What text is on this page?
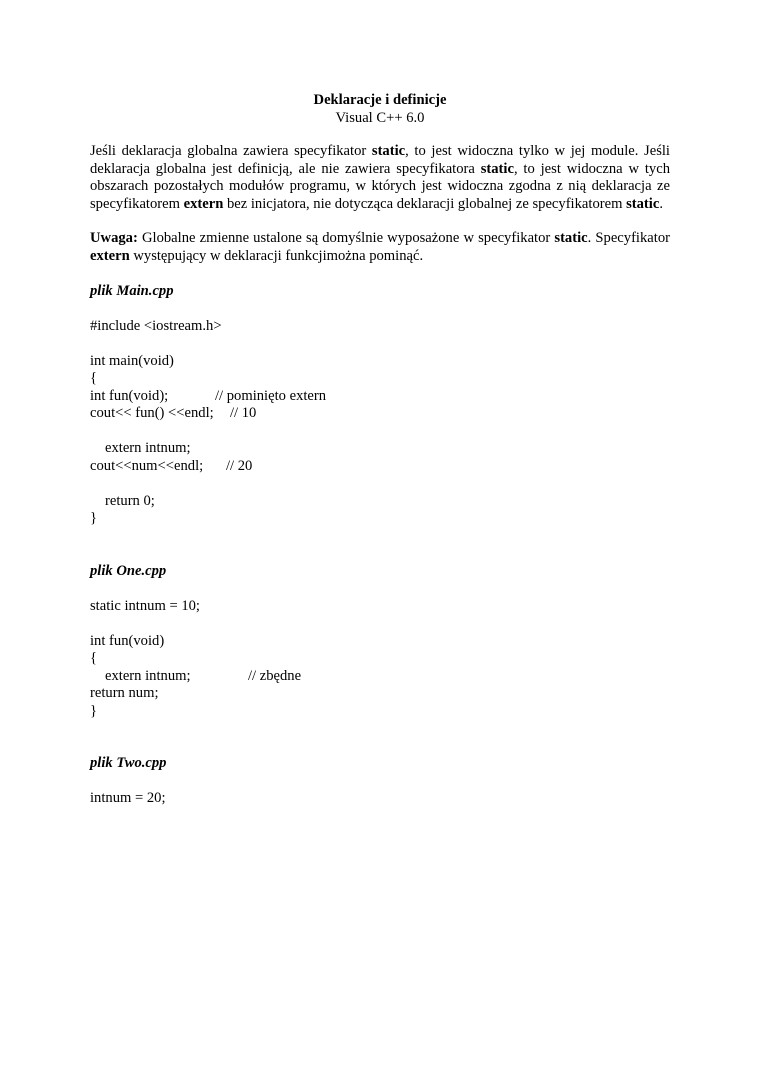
Deklaracje i definicje
Visual C++ 6.0

Jeśli deklaracja globalna zawiera specyfikator static, to jest widoczna tylko w jej module. Jeśli deklaracja globalna jest definicją, ale nie zawiera specyfikatora static, to jest widoczna w tych obszarach pozostałych modułów programu, w których jest widoczna zgodna z nią deklaracja ze specyfikatorem extern bez inicjatora, nie dotycząca deklaracji globalnej ze specyfikatorem static.

Uwaga: Globalne zmienne ustalone są domyślnie wyposażone w specyfikator static. Specyfikator extern występujący w deklaracji funkcjimożna pominąć.

plik Main.cpp

#include <iostream.h>
int main(void)
{
int fun(void);	// pominięto extern
cout<< fun() <<endl; // 10
extern intnum;
cout<<num<<endl; // 20
return 0;
}

plik One.cpp

static intnum = 10;
int fun(void)
{
extern intnum;	// zbędne
return num;
}

plik Two.cpp

intnum = 20;
